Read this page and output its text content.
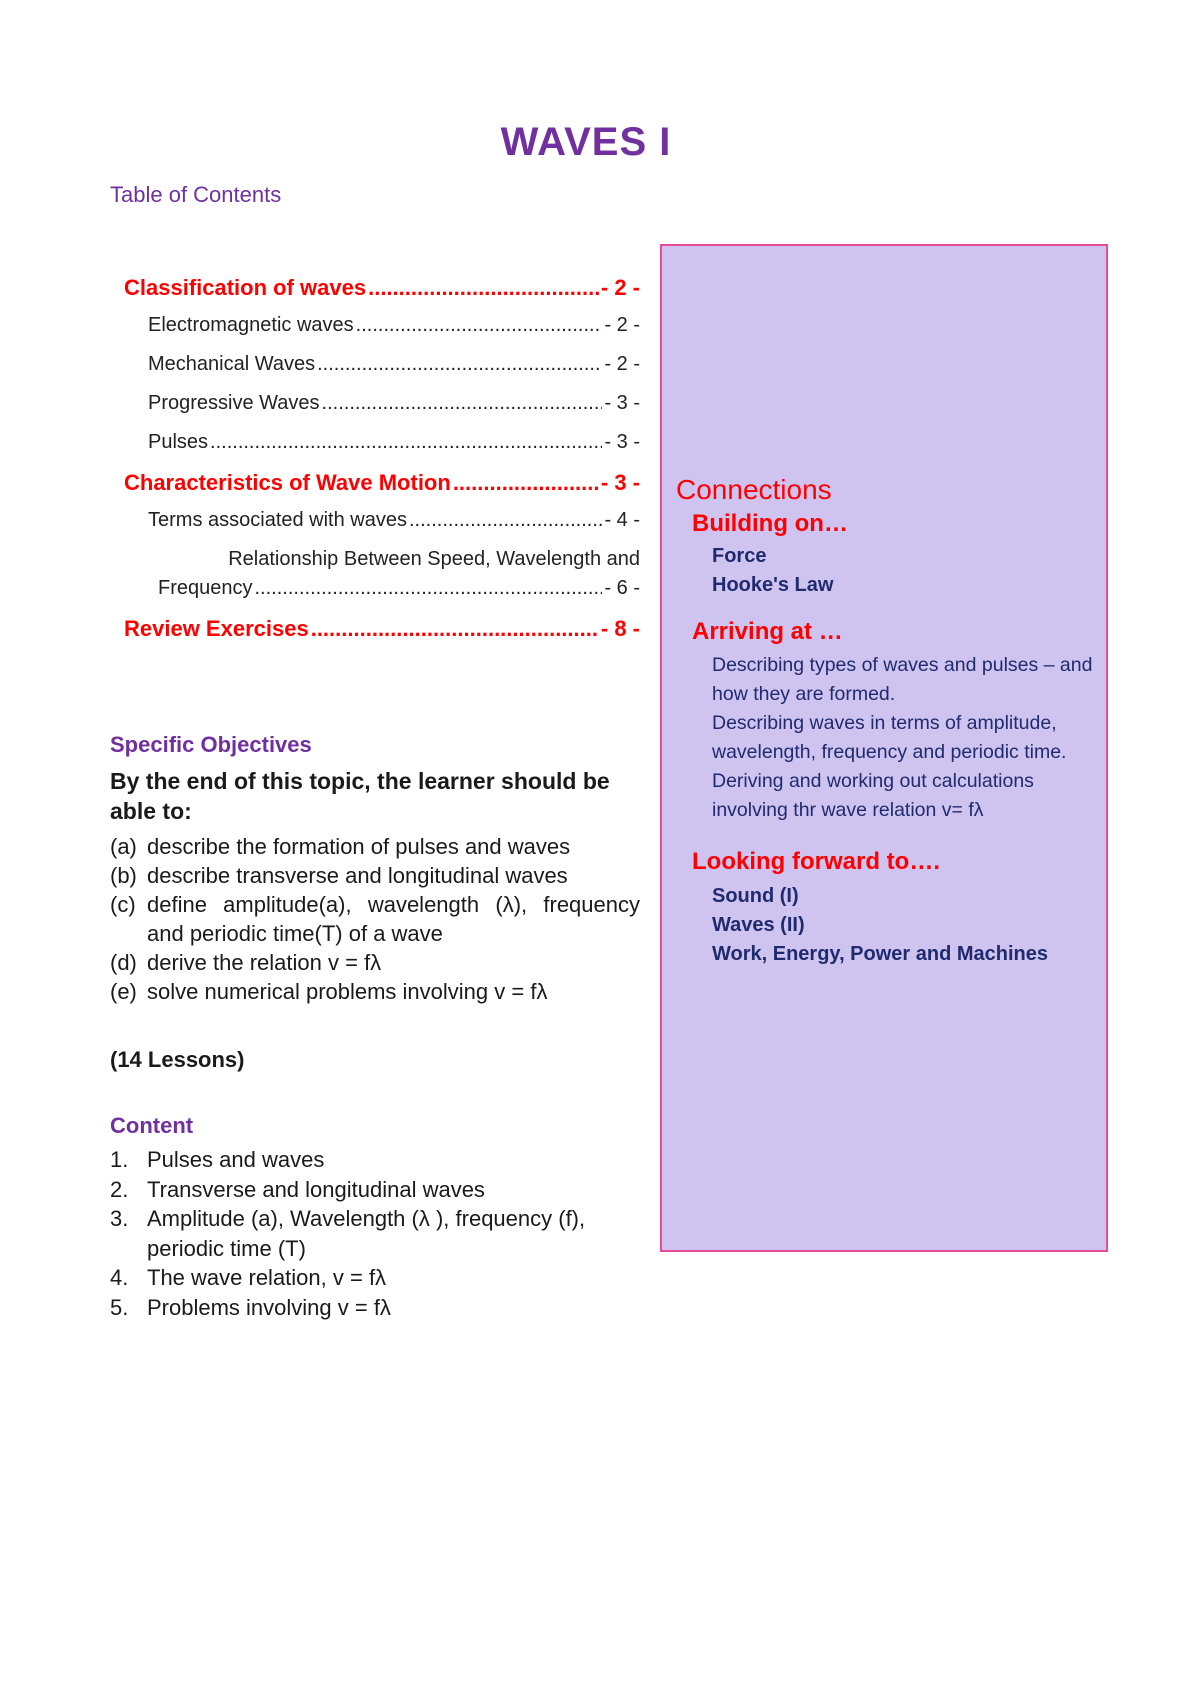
WAVES I
Table of Contents
Classification of waves .....	- 2 -
Electromagnetic waves .....	- 2 -
Mechanical Waves .....	- 2 -
Progressive Waves .....	- 3 -
Pulses .....	- 3 -
Characteristics of Wave Motion .....	- 3 -
Terms associated with waves .....	- 4 -
Relationship Between Speed, Wavelength and
Frequency .....	- 6 -
Review Exercises .....	- 8 -
Specific Objectives
By the end of this topic, the learner should be able to:
(a) describe the formation of pulses and waves
(b) describe transverse and longitudinal waves
(c) define amplitude(a), wavelength (λ), frequency and periodic time(T) of a wave
(d) derive the relation v = fλ
(e) solve numerical problems involving v = fλ
(14 Lessons)
Content
1. Pulses and waves
2. Transverse and longitudinal waves
3. Amplitude (a), Wavelength (λ ), frequency (f), periodic time (T)
4. The wave relation, v = fλ
5. Problems involving v = fλ
Connections
Building on…
Force
Hooke's Law
Arriving at …
Describing types of waves and pulses – and how they are formed.
Describing waves in terms of amplitude, wavelength, frequency and periodic time.
Deriving and working out calculations involving thr wave relation v= fλ
Looking forward to….
Sound (I)
Waves (II)
Work, Energy, Power and Machines
